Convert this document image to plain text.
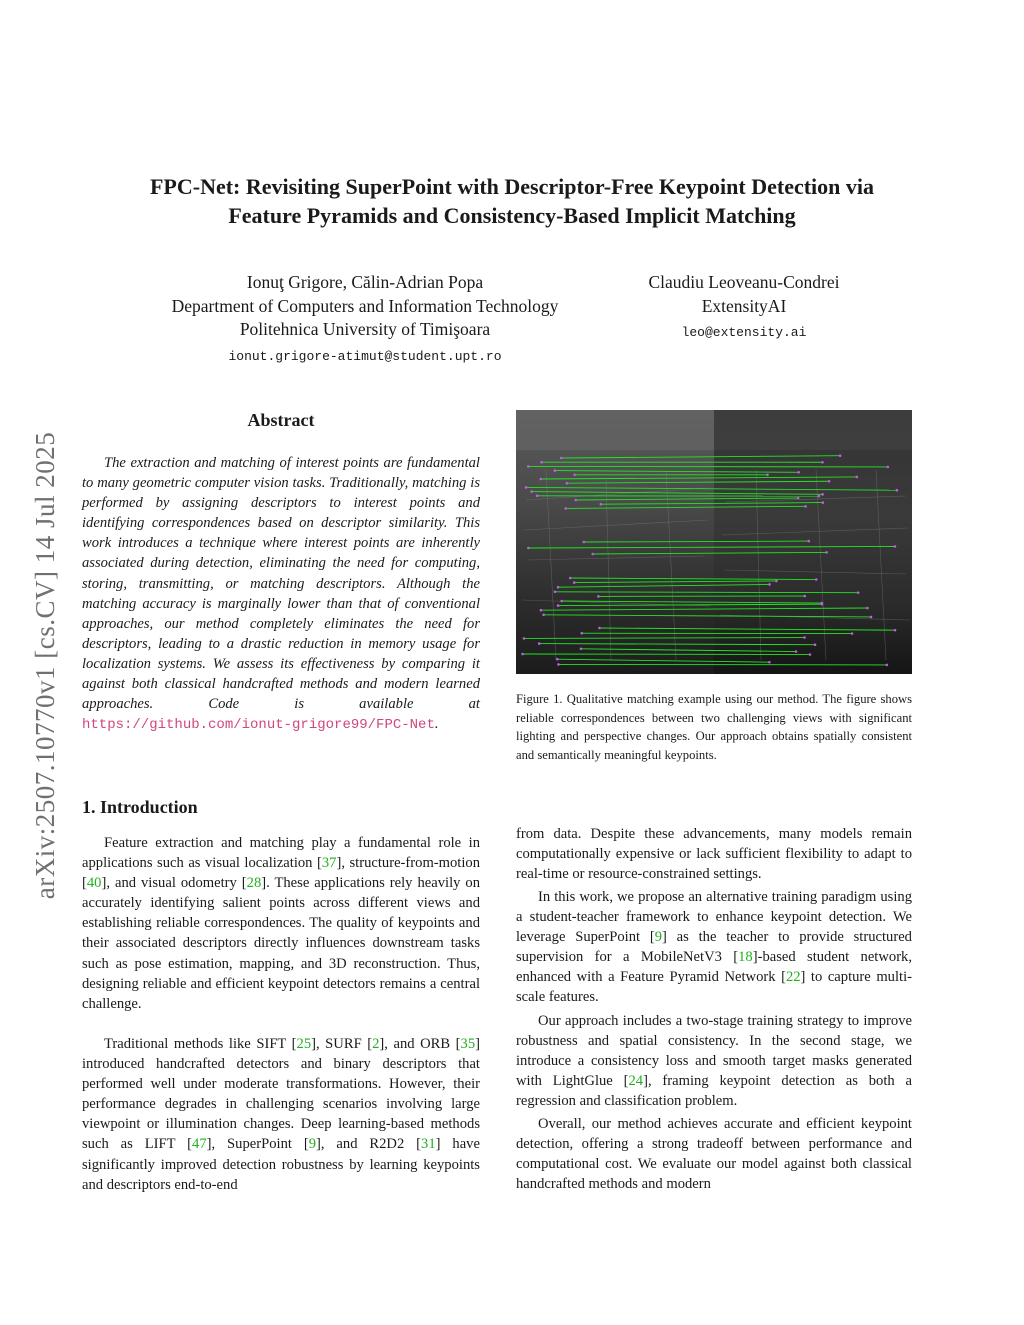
arXiv:2507.10770v1 [cs.CV] 14 Jul 2025
FPC-Net: Revisiting SuperPoint with Descriptor-Free Keypoint Detection via
Feature Pyramids and Consistency-Based Implicit Matching
Ionuţ Grigore, Călin-Adrian Popa
Department of Computers and Information Technology
Politehnica University of Timişoara
ionut.grigore-atimut@student.upt.ro
Claudiu Leoveanu-Condrei
ExtensityAI
leo@extensity.ai
Abstract

The extraction and matching of interest points are fundamental to many geometric computer vision tasks. Traditionally, matching is performed by assigning descriptors to interest points and identifying correspondences based on descriptor similarity. This work introduces a technique where interest points are inherently associated during detection, eliminating the need for computing, storing, transmitting, or matching descriptors. Although the matching accuracy is marginally lower than that of conventional approaches, our method completely eliminates the need for descriptors, leading to a drastic reduction in memory usage for localization systems. We assess its effectiveness by comparing it against both classical handcrafted methods and modern learned approaches. Code is available at https://github.com/ionut-grigore99/FPC-Net.

1. Introduction

Feature extraction and matching play a fundamental role in applications such as visual localization [37], structure-from-motion [40], and visual odometry [28]. These applications rely heavily on accurately identifying salient points across different views and establishing reliable correspondences. The quality of keypoints and their associated descriptors directly influences downstream tasks such as pose estimation, mapping, and 3D reconstruction. Thus, designing reliable and efficient keypoint detectors remains a central challenge.

Traditional methods like SIFT [25], SURF [2], and ORB [35] introduced handcrafted detectors and binary descriptors that performed well under moderate transformations. However, their performance degrades in challenging scenarios involving large viewpoint or illumination changes. Deep learning-based methods such as LIFT [47], SuperPoint [9], and R2D2 [31] have significantly improved detection robustness by learning keypoints and descriptors end-to-end

Figure 1. Qualitative matching example using our method. The figure shows reliable correspondences between two challenging views with significant lighting and perspective changes. Our approach obtains spatially consistent and semantically meaningful keypoints.

from data. Despite these advancements, many models remain computationally expensive or lack sufficient flexibility to adapt to real-time or resource-constrained settings.

In this work, we propose an alternative training paradigm using a student-teacher framework to enhance keypoint detection. We leverage SuperPoint [9] as the teacher to provide structured supervision for a MobileNetV3 [18]-based student network, enhanced with a Feature Pyramid Network [22] to capture multi-scale features.

Our approach includes a two-stage training strategy to improve robustness and spatial consistency. In the second stage, we introduce a consistency loss and smooth target masks generated with LightGlue [24], framing keypoint detection as both a regression and classification problem.

Overall, our method achieves accurate and efficient keypoint detection, offering a strong tradeoff between performance and computational cost. We evaluate our model against both classical handcrafted methods and modern
